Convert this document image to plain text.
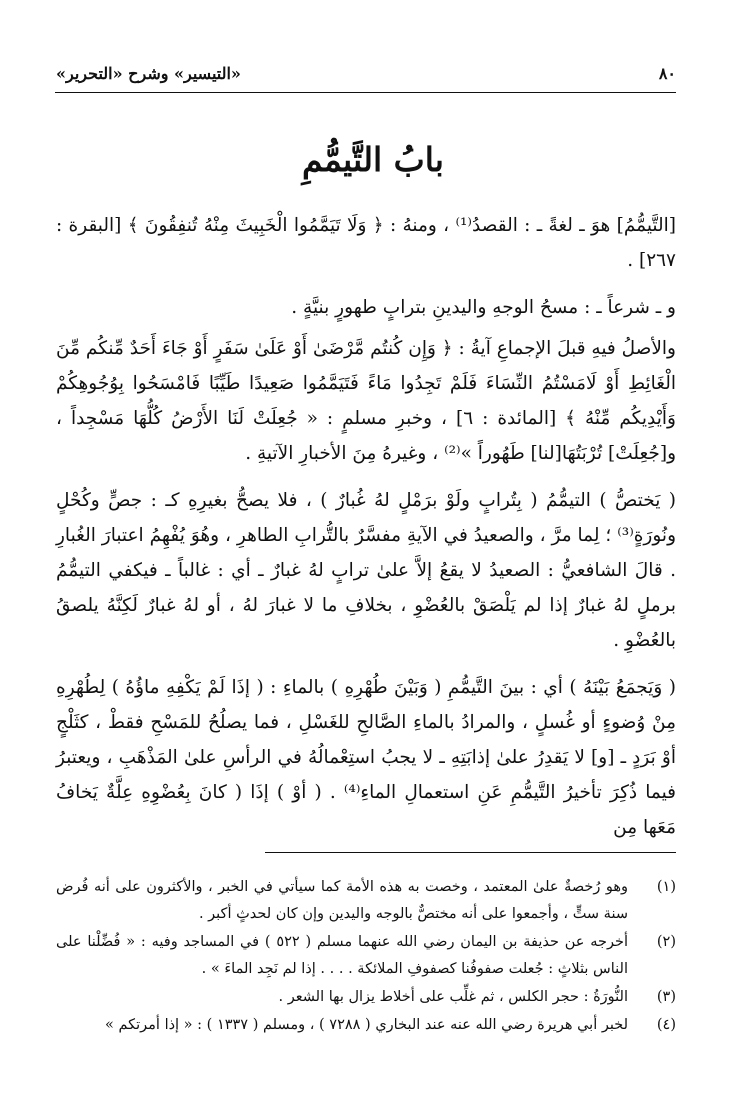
٨٠
«التيسير» وشرح «التحرير»
بابُ التَّيمُّمِ

[التَّيمُّمُ] هوَ ـ لغةً ـ : القصدُ⁽¹⁾ ، ومنهُ : ﴿ وَلَا تَيَمَّمُوا الْخَبِيثَ مِنْهُ تُنفِقُونَ ﴾ [البقرة : ٢٦٧] .

و ـ شرعاً ـ : مسحُ الوجهِ واليدينِ بترابٍ طهورٍ بنيَّةٍ .

والأصلُ فيهِ قبلَ الإجماعِ آيةُ : ﴿ وَإِن كُنتُم مَّرْضَىٰ أَوْ عَلَىٰ سَفَرٍ أَوْ جَاءَ أَحَدٌ مِّنكُم مِّنَ الْغَائِطِ أَوْ لَامَسْتُمُ النِّسَاءَ فَلَمْ تَجِدُوا مَاءً فَتَيَمَّمُوا صَعِيدًا طَيِّبًا فَامْسَحُوا بِوُجُوهِكُمْ وَأَيْدِيكُم مِّنْهُ ﴾ [المائدة : ٦] ، وخبرِ مسلمٍ : « جُعِلَتْ لَنَا الأَرْضُ كُلُّهَا مَسْجِداً ، و[جُعِلَتْ] تُرْبَتُهَا[لنا] طَهُوراً »⁽²⁾ ، وغيرهُ مِنَ الأخبارِ الآتيةِ .

( يَختصُّ ) التيمُّمُ ( بِتُرابٍ ولَوْ برَمْلٍ لهُ غُبارٌ ) ، فلا يصحُّ بغيرِهِ كـ : جصٍّ وكُحْلٍ ونُورَةٍ⁽³⁾ ؛ لِما مرَّ ، والصعيدُ في الآيةِ مفسَّرٌ بالتُّرابِ الطاهرِ ، وهُوَ يُفْهِمُ اعتبارَ الغُبارِ . قالَ الشافعيُّ : الصعيدُ لا يقعُ إلاَّ علىٰ ترابٍ لهُ غبارٌ ـ أي : غالباً ـ فيكفي التيمُّمُ برملٍ لهُ غبارٌ إذا لم يَلْصَقْ بالعُضْوِ ، بخلافِ ما لا غبارَ لهُ ، أو لهُ غبارٌ لَكِنَّهُ يلصقُ بالعُضْوِ .

( وَيَجمَعُ بَيْنَهُ ) أي : بينَ التَّيمُّمِ ( وَبَيْنَ طُهْرِهِ ) بالماءِ : ( إذَا لَمْ يَكْفِهِ ماؤُهُ ) لِطُهْرِهِ مِنْ وُضوءٍ أو غُسلٍ ، والمرادُ بالماءِ الصَّالحِ للغَسْلِ ، فما يصلُحُ للمَسْحِ فقطْ ، كثَلْجٍ أوْ بَرَدٍ ـ [و] لا يَقدِرُ علىٰ إذابَتِهِ ـ لا يجبُ استِعْمالُهُ في الرأسِ علىٰ المَذْهَبِ ، ويعتبرُ فيما ذُكِرَ تأخيرُ التَّيمُّمِ عَنِ استعمالِ الماءِ⁽⁴⁾ . ( أوْ ) إذَا ( كانَ بِعُضْوِهِ عِلَّةٌ يَخافُ مَعَها مِن

(١)
وهو رُخصةٌ علىٰ المعتمد ، وخصت به هذه الأمة كما سيأتي في الخبر ، والأكثرون على أنه فُرض سنة ستٍّ ، وأجمعوا على أنه مختصٌّ بالوجه واليدين وإن كان لحدثٍ أكبر .
(٢)
أخرجه عن حذيفة بن اليمان رضي الله عنهما مسلم ( ٥٢٢ ) في المساجد وفيه : « فُضِّلْنا على الناس بثلاثٍ : جُعلت صفوفُنا كصفوفِ الملائكة . . . . إذا لم نَجِد الماءَ » .
(٣)
النُّورَةُ : حجر الكلس ، ثم غلِّب على أخلاط يزال بها الشعر .
(٤)
لخبر أبي هريرة رضي الله عنه عند البخاري ( ٧٢٨٨ ) ، ومسلم ( ١٣٣٧ ) : « إذا أمرتكم »
